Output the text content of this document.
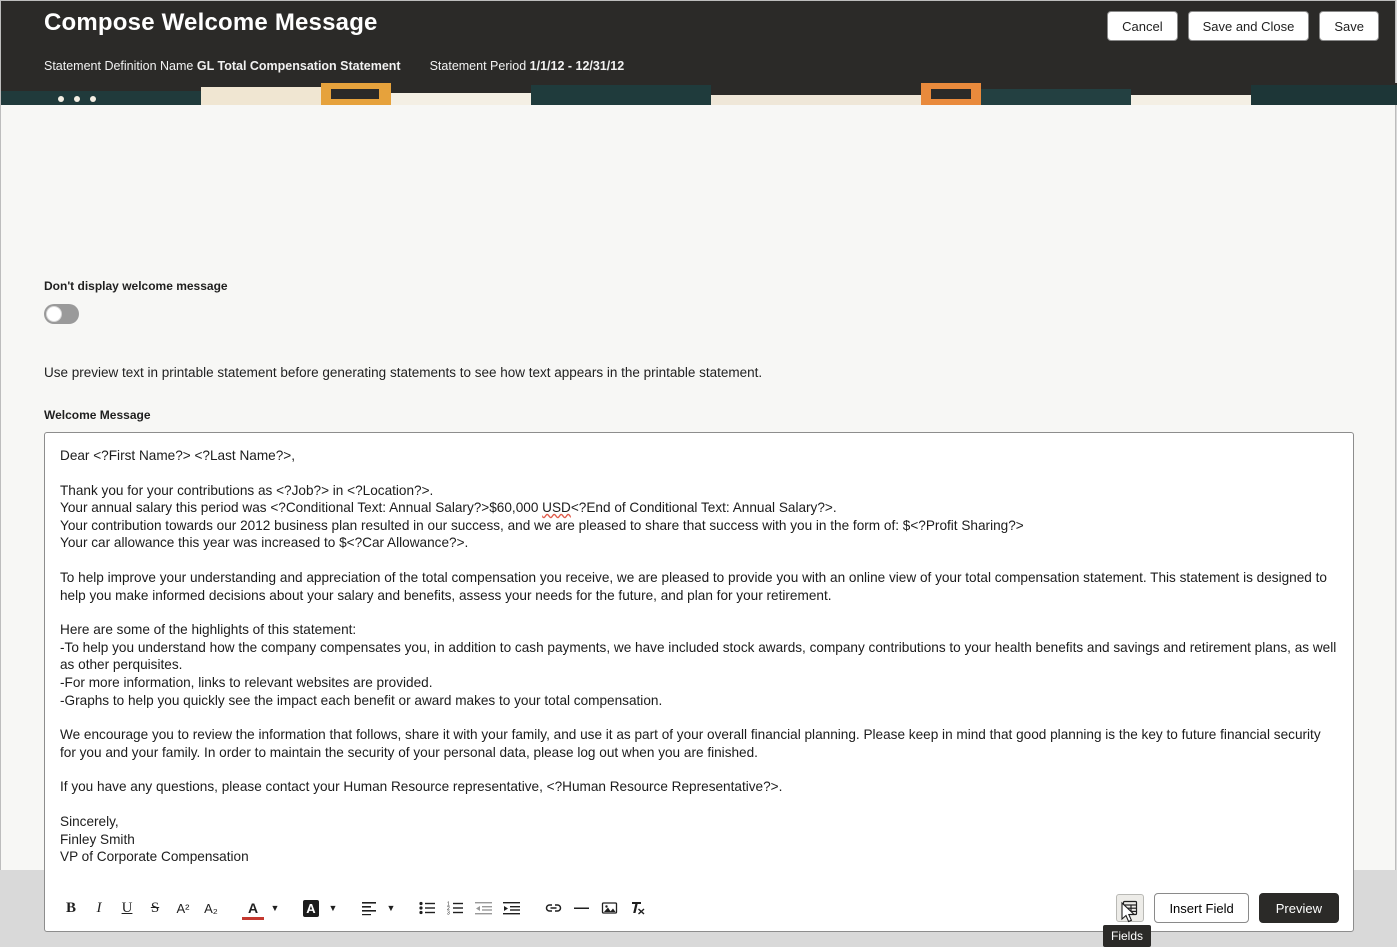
Compose Welcome Message
Statement Definition Name GL Total Compensation Statement Statement Period 1/1/12 - 12/31/12
Cancel	Save and Close	Save
Don't display welcome message
Use preview text in printable statement before generating statements to see how text appears in the printable statement.
Welcome Message

Dear <?First Name?> <?Last Name?>,

Thank you for your contributions as <?Job?> in <?Location?>.

Your annual salary this period was <?Conditional Text: Annual Salary?>$60,000 USD<?End of Conditional Text: Annual Salary?>.

Your contribution towards our 2012 business plan resulted in our success, and we are pleased to share that success with you in the form of: $<?Profit Sharing?>

Your car allowance this year was increased to $<?Car Allowance?>.

To help improve your understanding and appreciation of the total compensation you receive, we are pleased to provide you with an online view of your total compensation statement. This statement is designed to help you make informed decisions about your salary and benefits, assess your needs for the future, and plan for your retirement.

Here are some of the highlights of this statement:

-To help you understand how the company compensates you, in addition to cash payments, we have included stock awards, company contributions to your health benefits and savings and retirement plans, as well as other perquisites.

-For more information, links to relevant websites are provided.

-Graphs to help you quickly see the impact each benefit or award makes to your total compensation.

We encourage you to review the information that follows, share it with your family, and use it as part of your overall financial planning. Please keep in mind that good planning is the key to future financial security for you and your family. In order to maintain the security of your personal data, please log out when you are finished.

If you have any questions, please contact your Human Resource representative, <?Human Resource Representative?>.

Sincerely,

Finley Smith

VP of Corporate Compensation

B	I	U	S	A²	A₂	A	▼ A	▼	▼	1
2
3	Insert Field	Preview
Fields
